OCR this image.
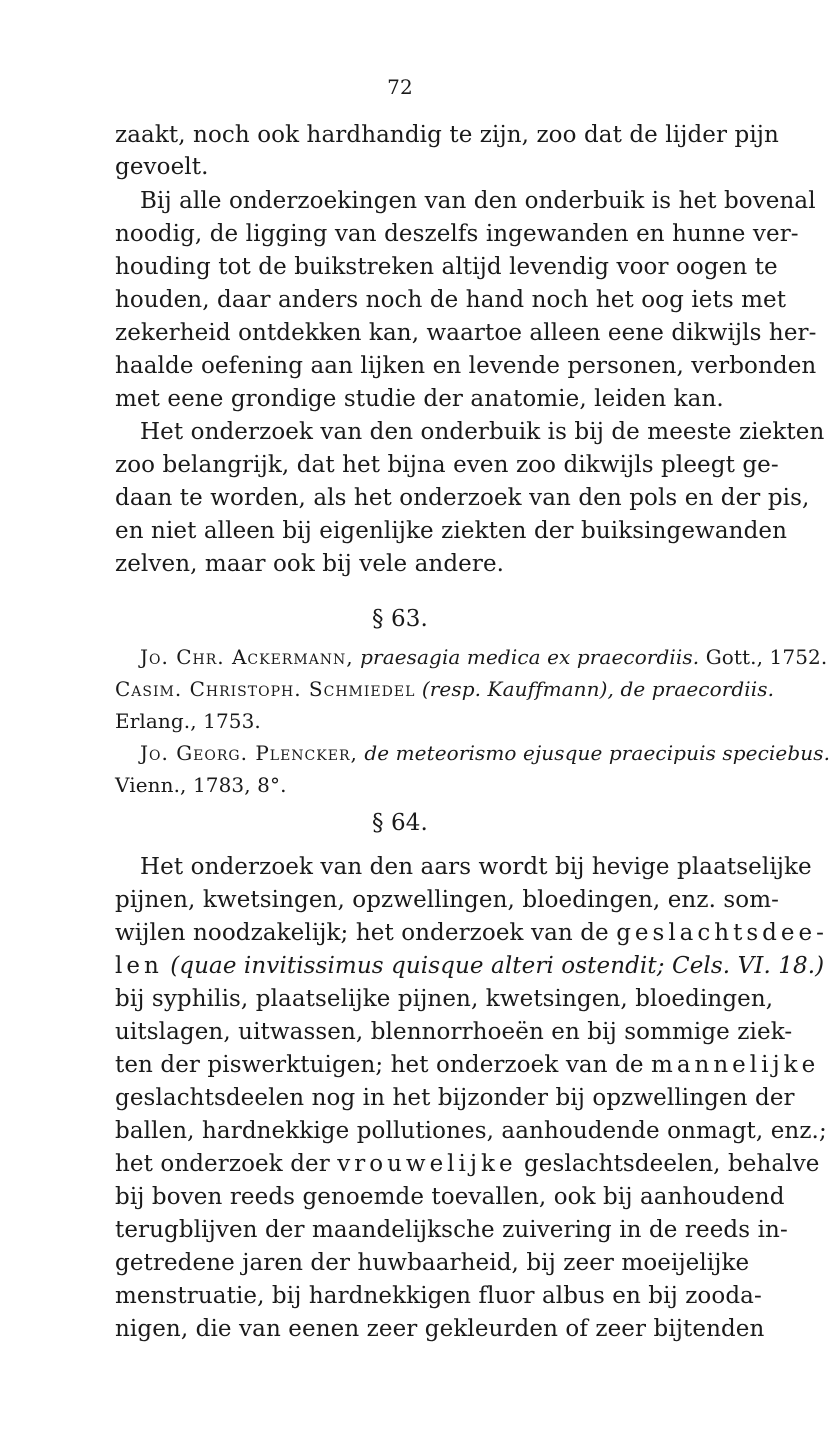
72
zaakt, noch ook hardhandig te zijn, zoo dat de lijder pijn
gevoelt.
Bij alle onderzoekingen van den onderbuik is het bovenal
noodig, de ligging van deszelfs ingewanden en hunne ver-
houding tot de buikstreken altijd levendig voor oogen te
houden, daar anders noch de hand noch het oog iets met
zekerheid ontdekken kan, waartoe alleen eene dikwijls her-
haalde oefening aan lijken en levende personen, verbonden
met eene grondige studie der anatomie, leiden kan.
Het onderzoek van den onderbuik is bij de meeste ziekten
zoo belangrijk, dat het bijna even zoo dikwijls pleegt ge-
daan te worden, als het onderzoek van den pols en der pis,
en niet alleen bij eigenlijke ziekten der buiksingewanden
zelven, maar ook bij vele andere.
§ 63.
Jo. Chr. Ackermann, praesagia medica ex praecordiis. Gott., 1752.
Casim. Christoph. Schmiedel (resp. Kauffmann), de praecordiis.
Erlang., 1753.
Jo. Georg. Plencker, de meteorismo ejusque praecipuis speciebus.
Vienn., 1783, 8°.
§ 64.
Het onderzoek van den aars wordt bij hevige plaatselijke
pijnen, kwetsingen, opzwellingen, bloedingen, enz. som-
wijlen noodzakelijk; het onderzoek van de geslachtsdee-
len (quae invitissimus quisque alteri ostendit; Cels. VI. 18.)
bij syphilis, plaatselijke pijnen, kwetsingen, bloedingen,
uitslagen, uitwassen, blennorrhoeën en bij sommige ziek-
ten der piswerktuigen; het onderzoek van de mannelijke
geslachtsdeelen nog in het bijzonder bij opzwellingen der
ballen, hardnekkige pollutiones, aanhoudende onmagt, enz.;
het onderzoek der vrouwelijke geslachtsdeelen, behalve
bij boven reeds genoemde toevallen, ook bij aanhoudend
terugblijven der maandelijksche zuivering in de reeds in-
getredene jaren der huwbaarheid, bij zeer moeijelijke
menstruatie, bij hardnekkigen fluor albus en bij zooda-
nigen, die van eenen zeer gekleurden of zeer bijtenden
